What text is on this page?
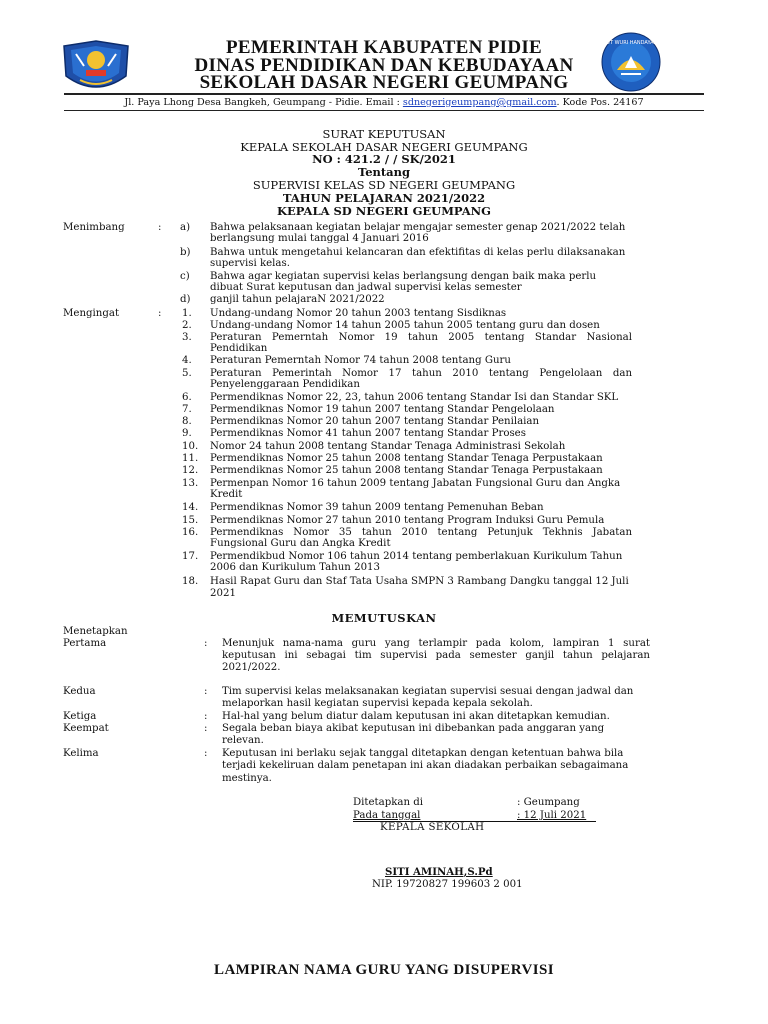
TUT WURI HANDAYANI
PEMERINTAH KABUPATEN PIDIE
DINAS PENDIDIKAN DAN KEBUDAYAAN
SEKOLAH DASAR NEGERI GEUMPANG
Jl. Paya Lhong Desa Bangkeh, Geumpang - Pidie. Email : sdnegerigeumpang@gmail.com. Kode Pos. 24167
SURAT KEPUTUSAN
KEPALA SEKOLAH DASAR NEGERI GEUMPANG
NO : 421.2 / / SK/2021
Tentang
SUPERVISI KELAS SD NEGERI GEUMPANG
TAHUN PELAJARAN 2021/2022
KEPALA SD NEGERI GEUMPANG
Menimbang	: a) Bahwa pelaksanaan kegiatan belajar mengajar semester genap 2021/2022 telah
berlangsung mulai tanggal 4 Januari 2016
b) Bahwa untuk mengetahui kelancaran dan efektifitas di kelas perlu dilaksanakan
supervisi kelas.
c) Bahwa agar kegiatan supervisi kelas berlangsung dengan baik maka perlu
dibuat Surat keputusan dan jadwal supervisi kelas semester
d) ganjil tahun pelajaraN 2021/2022
Mengingat	: 1. Undang-undang Nomor 20 tahun 2003 tentang Sisdiknas
2. Undang-undang Nomor 14 tahun 2005 tahun 2005 tentang guru dan dosen
3. Peraturan Pemerntah Nomor 19 tahun 2005 tentang Standar Nasional
Pendidikan
4. Peraturan Pemerntah Nomor 74 tahun 2008 tentang Guru
5. Peraturan Pemerintah Nomor 17 tahun 2010 tentang Pengelolaan dan
Penyelenggaraan Pendidikan
6. Permendiknas Nomor 22, 23, tahun 2006 tentang Standar Isi dan Standar SKL
7. Permendiknas Nomor 19 tahun 2007 tentang Standar Pengelolaan
8. Permendiknas Nomor 20 tahun 2007 tentang Standar Penilaian
9. Permendiknas Nomor 41 tahun 2007 tentang Standar Proses
10. Nomor 24 tahun 2008 tentang Standar Tenaga Administrasi Sekolah
11. Permendiknas Nomor 25 tahun 2008 tentang Standar Tenaga Perpustakaan
12. Permendiknas Nomor 25 tahun 2008 tentang Standar Tenaga Perpustakaan
13. Permenpan Nomor 16 tahun 2009 tentang Jabatan Fungsional Guru dan Angka
Kredit
14. Permendiknas Nomor 39 tahun 2009 tentang Pemenuhan Beban
15. Permendiknas Nomor 27 tahun 2010 tentang Program Induksi Guru Pemula
16. Permendiknas Nomor 35 tahun 2010 tentang Petunjuk Tekhnis Jabatan
Fungsional Guru dan Angka Kredit
17. Permendikbud Nomor 106 tahun 2014 tentang pemberlakuan Kurikulum Tahun
2006 dan Kurikulum Tahun 2013
18. Hasil Rapat Guru dan Staf Tata Usaha SMPN 3 Rambang Dangku tanggal 12 Juli
2021
MEMUTUSKAN
Menetapkan
Pertama	: Menunjuk nama-nama guru yang terlampir pada kolom, lampiran 1 surat
keputusan ini sebagai tim supervisi pada semester ganjil tahun pelajaran
2021/2022.
Kedua	: Tim supervisi kelas melaksanakan kegiatan supervisi sesuai dengan jadwal dan
melaporkan hasil kegiatan supervisi kepada kepala sekolah.
Ketiga	: Hal-hal yang belum diatur dalam keputusan ini akan ditetapkan kemudian.
Keempat	: Segala beban biaya akibat keputusan ini dibebankan pada anggaran yang
relevan.
Kelima	: Keputusan ini berlaku sejak tanggal ditetapkan dengan ketentuan bahwa bila
terjadi kekeliruan dalam penetapan ini akan diadakan perbaikan sebagaimana
mestinya.
Ditetapkan di	: Geumpang
Pada tanggal	: 12 Juli 2021
KEPALA SEKOLAH
SITI AMINAH,S.Pd
NIP. 19720827 199603 2 001
LAMPIRAN NAMA GURU YANG DISUPERVISI
